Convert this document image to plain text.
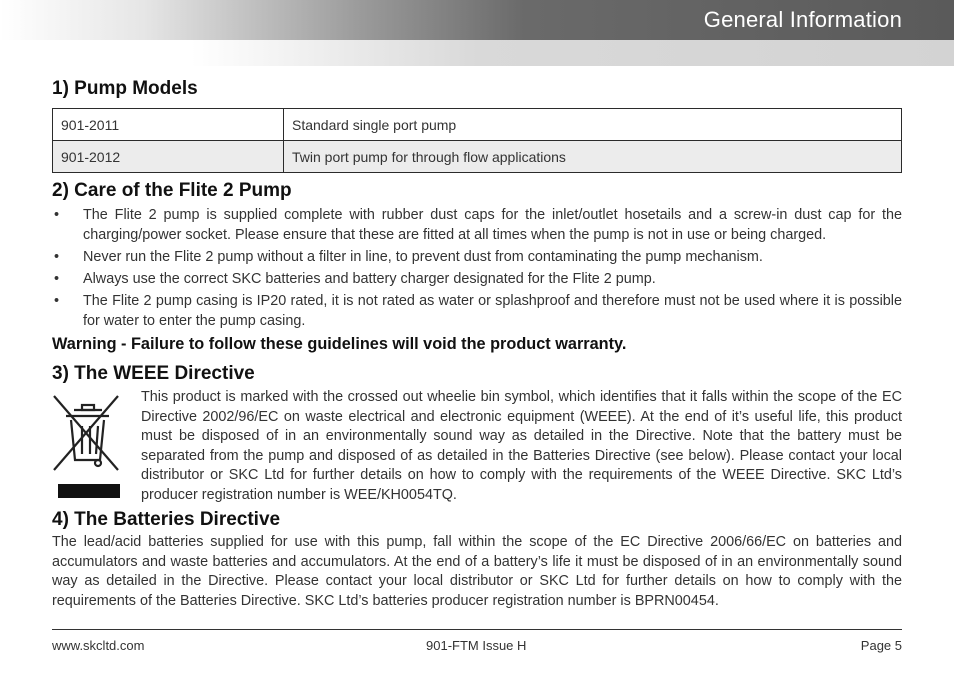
General Information
1) Pump Models
901-2011	Standard single port pump
901-2012	Twin port pump for through flow applications
2) Care of the Flite 2 Pump
• The Flite 2 pump is supplied complete with rubber dust caps for the inlet/outlet hosetails and a screw-in dust cap for the charging/power socket. Please ensure that these are fitted at all times when the pump is not in use or being charged.
• Never run the Flite 2 pump without a filter in line, to prevent dust from contaminating the pump mechanism.
• Always use the correct SKC batteries and battery charger designated for the Flite 2 pump.
• The Flite 2 pump casing is IP20 rated, it is not rated as water or splashproof and therefore must not be used where it is possible for water to enter the pump casing.
Warning - Failure to follow these guidelines will void the product warranty.
3) The WEEE Directive

This product is marked with the crossed out wheelie bin symbol, which identifies that it falls within the scope of the EC Directive 2002/96/EC on waste electrical and electronic equipment (WEEE). At the end of it’s useful life, this product must be disposed of in an environmentally sound way as detailed in the Directive. Note that the battery must be separated from the pump and disposed of as detailed in the Batteries Directive (see below). Please contact your local distributor or SKC Ltd for further details on how to comply with the requirements of the WEEE Directive. SKC Ltd’s producer registration number is WEE/KH0054TQ.

4) The Batteries Directive

The lead/acid batteries supplied for use with this pump, fall within the scope of the EC Directive 2006/66/EC on batteries and accumulators and waste batteries and accumulators. At the end of a battery’s life it must be disposed of in an environmentally sound way as detailed in the Directive. Please contact your local distributor or SKC Ltd for further details on how to comply with the requirements of the Batteries Directive. SKC Ltd’s batteries producer registration number is BPRN00454.

www.skcltd.com	901-FTM Issue H	Page 5
